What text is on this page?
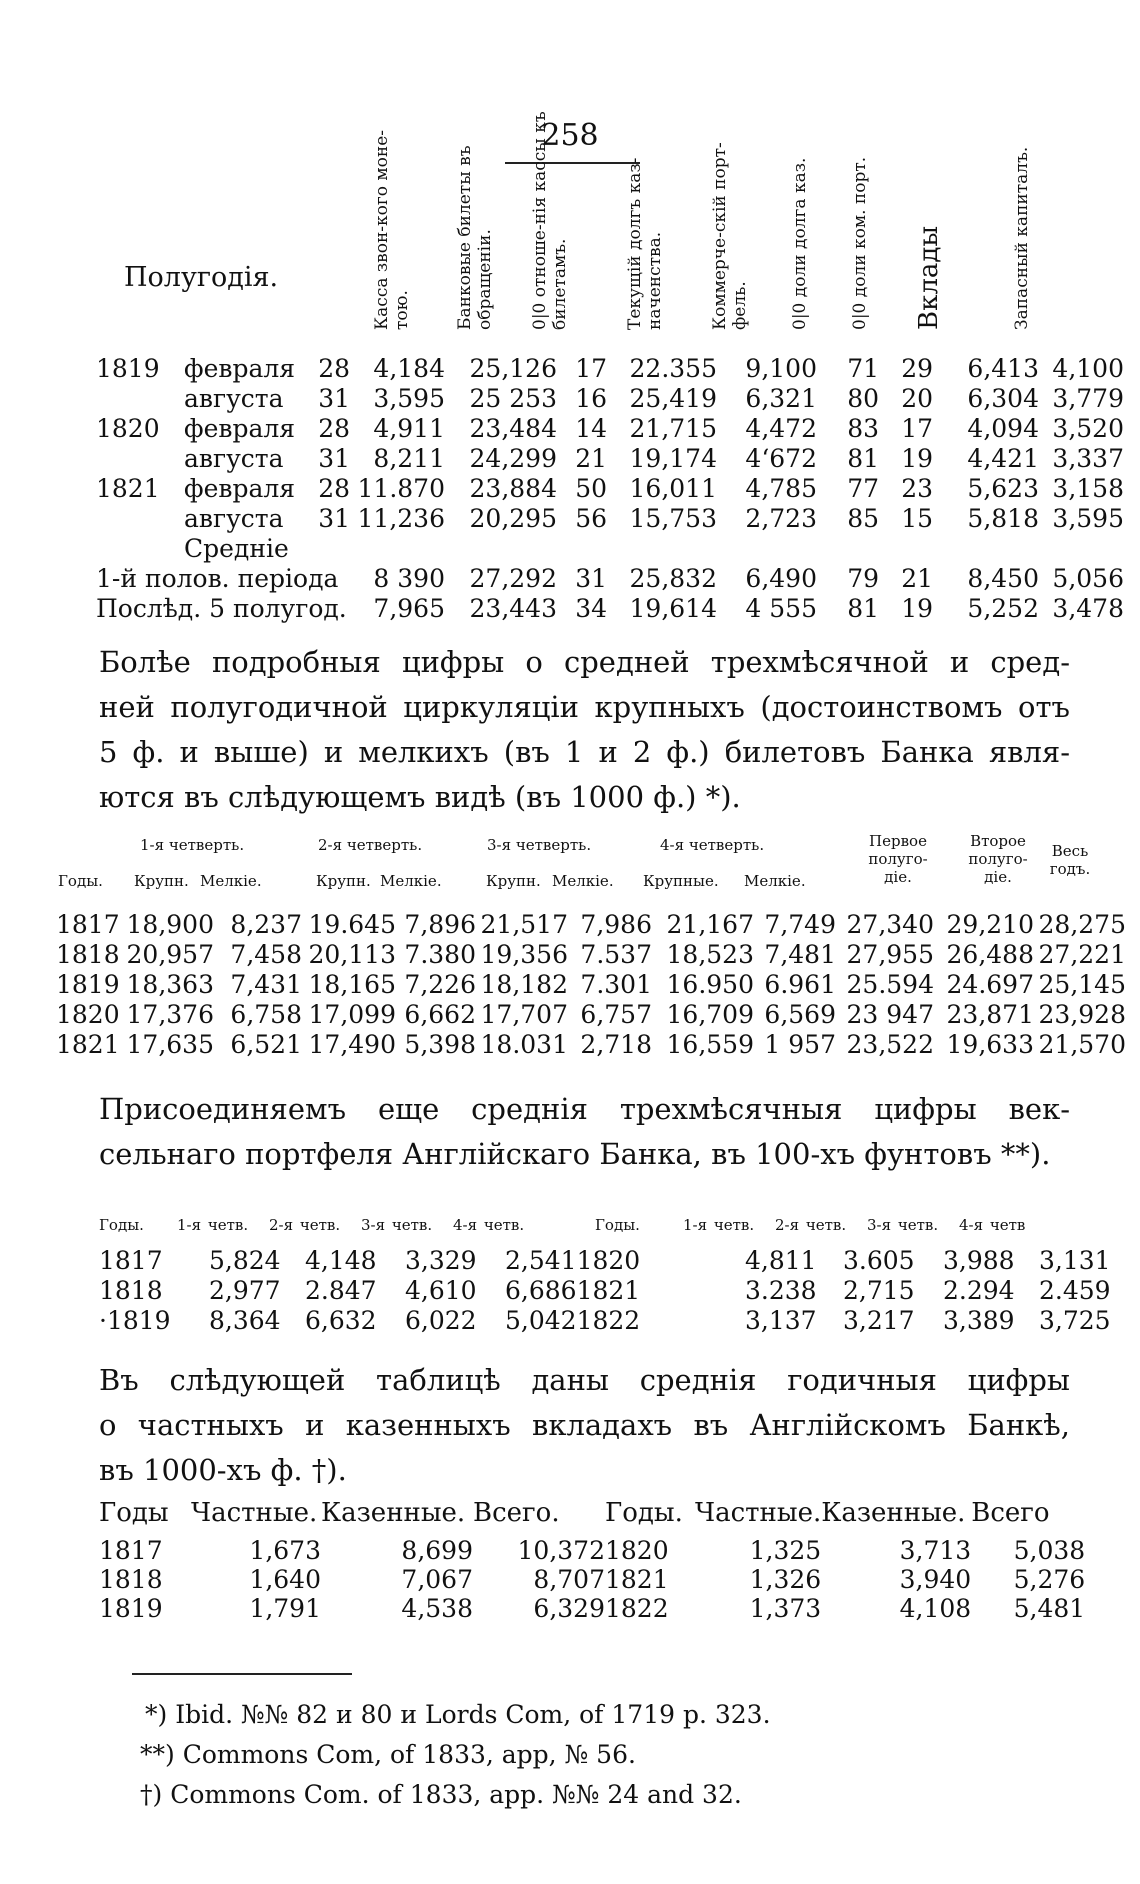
258
Полугодія.	Касса звон-кого моне-тою.	Банковые билеты въ обращеніи. 0|0 отноше-нія кассы къ билетамъ.	Текущій долгъ каз-наченства.	Коммерче-скій порт-фель. 0|0 доли долга каз. 0|0 доли ком. порт. Вклады	Запасный капиталъ.
1819	февраля	28	4,184	25,126	17	22.355	9,100	71	29	6,413	4,100
	августа	31	3,595	25 253	16	25,419	6,321	80	20	6,304	3,779
1820	февраля	28	4,911	23,484	14	21,715	4,472	83	17	4,094	3,520
	августа	31	8,211	24,299	21	19,174	4ʻ672	81	19	4,421	3,337
1821	февраля	28	11.870	23,884	50	16,011	4,785	77	23	5,623	3,158
	августа	31	11,236	20,295	56	15,753	2,723	85	15	5,818	3,595
	Средніе										
1-й полов. періода			8 390	27,292	31	25,832	6,490	79	21	8,450	5,056
Послѣд. 5 полугод.			7,965	23,443	34	19,614	4 555	81	19	5,252	3,478
Болѣе подробныя цифры о средней трехмѣсячной и сред-
ней полугодичной циркуляціи крупныхъ (достоинствомъ отъ
5 ф. и выше) и мелкихъ (въ 1 и 2 ф.) билетовъ Банка явля-
ются въ слѣдующемъ видѣ (въ 1000 ф.) *).
1-я четверть.	2-я четверть.	3-я четверть.	4-я четверть.	Первое
полуго-
діе.
Второе
полуго-
діе.
Весь
годъ.
Годы. Крупн. Мелкіе.	Крупн. Мелкіе.	Крупн. Мелкіе. Крупные. Мелкіе.
1817	18,900	8,237	19.645	7,896	21,517	7,986	21,167	7,749	27,340	29,210	28,275
1818	20,957	7,458	20,113	7.380	19,356	7.537	18,523	7,481	27,955	26,488	27,221
1819	18,363	7,431	18,165	7,226	18,182	7.301	16.950	6.961	25.594	24.697	25,145
1820	17,376	6,758	17,099	6,662	17,707	6,757	16,709	6,569	23 947	23,871	23,928
1821	17,635	6,521	17,490	5,398	18.031	2,718	16,559	1 957	23,522	19,633	21,570
Присоединяемъ еще среднія трехмѣсячныя цифры век-
сельнаго портфеля Англійскаго Банка, въ 100-хъ фунтовъ **).
Годы. 1-я четв. 2-я четв. 3-я четв. 4-я четв.	Годы.	1-я четв. 2-я четв. 3-я четв. 4-я четв
1817	5,824	4,148	3,329	2,541	1820	4,811	3.605	3,988	3,131
1818	2,977	2.847	4,610	6,686	1821	3.238	2,715	2.294	2.459
·1819	8,364	6,632	6,022	5,042	1822	3,137	3,217	3,389	3,725
Въ слѣдующей таблицѣ даны среднія годичныя цифры
о частныхъ и казенныхъ вкладахъ въ Англійскомъ Банкѣ,
въ 1000-хъ ф. †).
Годы	Частные.	Казенные.	Всего.	Годы.	Частные.	Казенные.	Всего
1817	1,673	8,699	10,372	1820	1,325	3,713	5,038
1818	1,640	7,067	8,707	1821	1,326	3,940	5,276
1819	1,791	4,538	6,329	1822	1,373	4,108	5,481
*) Ibid. №№ 82 и 80 и Lords Com, of 1719 p. 323.
**) Commons Com, of 1833, app, № 56.
†) Commons Com. of 1833, app. №№ 24 and 32.
